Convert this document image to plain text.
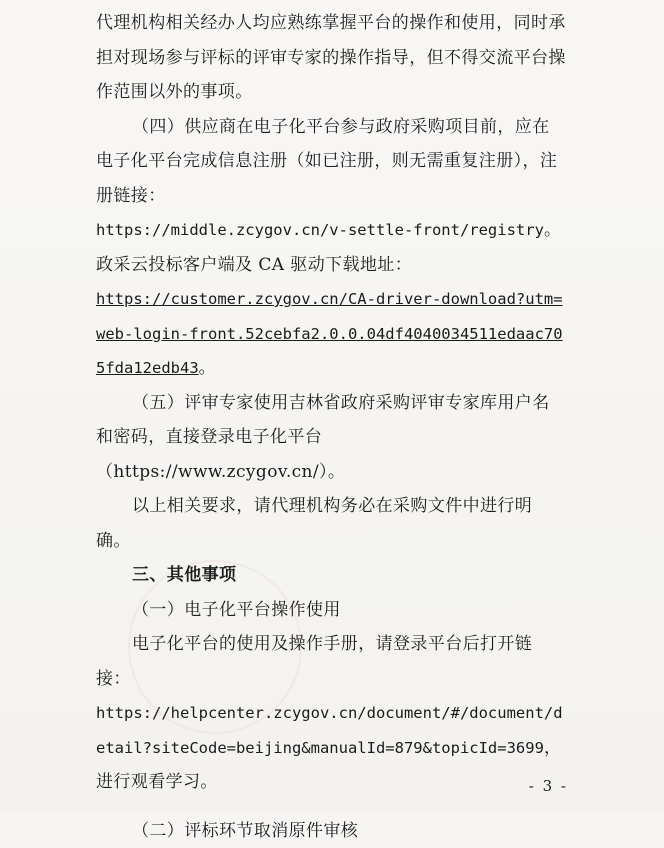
代理机构相关经办人均应熟练掌握平台的操作和使用，同时承担对现场参与评标的评审专家的操作指导，但不得交流平台操作范围以外的事项。

（四）供应商在电子化平台参与政府采购项目前，应在电子化平台完成信息注册（如已注册，则无需重复注册），注册链接：

https://middle.zcygov.cn/v-settle-front/registry。政采云投标客户端及 CA 驱动下载地址：

https://customer.zcygov.cn/CA-driver-download?utm=web-login-front.52cebfa2.0.0.04df4040034511edaac705fda12edb43。

（五）评审专家使用吉林省政府采购评审专家库用户名和密码，直接登录电子化平台（https://www.zcygov.cn/）。

以上相关要求，请代理机构务必在采购文件中进行明确。

三、其他事项

（一）电子化平台操作使用

电子化平台的使用及操作手册，请登录平台后打开链接：

https://helpcenter.zcygov.cn/document/#/document/detail?siteCode=beijing&manualId=879&topicId=3699，进行观看学习。

（二）评标环节取消原件审核

- 3 -
